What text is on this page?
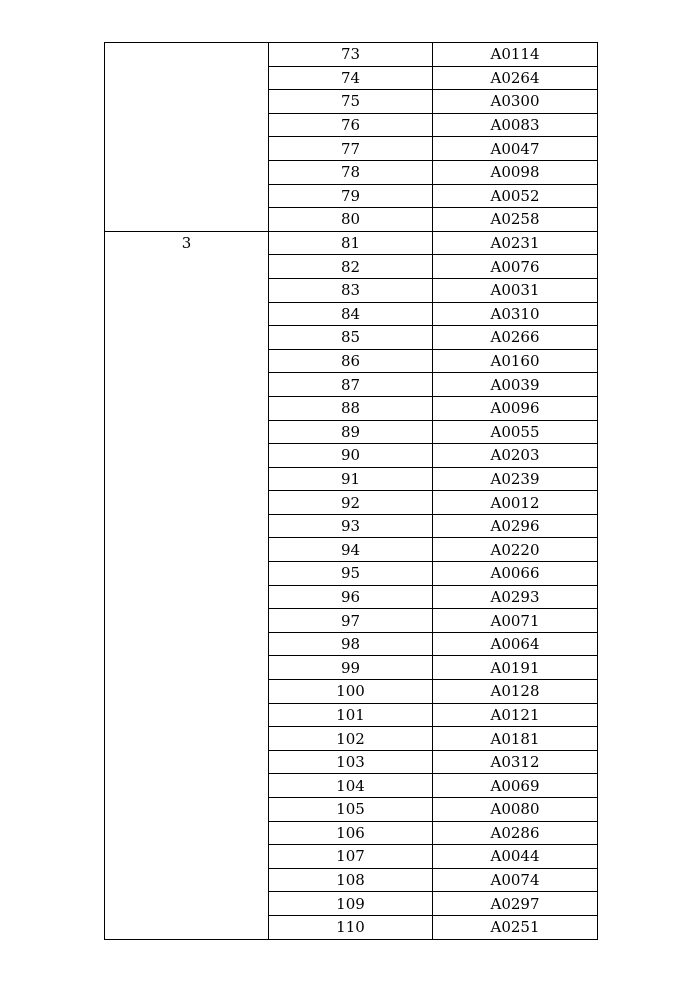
	73	A0114
	74	A0264
	75	A0300
	76	A0083
	77	A0047
	78	A0098
	79	A0052
	80	A0258
3	81	A0231
	82	A0076
	83	A0031
	84	A0310
	85	A0266
	86	A0160
	87	A0039
	88	A0096
	89	A0055
	90	A0203
	91	A0239
	92	A0012
	93	A0296
	94	A0220
	95	A0066
	96	A0293
	97	A0071
	98	A0064
	99	A0191
	100	A0128
	101	A0121
	102	A0181
	103	A0312
	104	A0069
	105	A0080
	106	A0286
	107	A0044
	108	A0074
	109	A0297
	110	A0251
